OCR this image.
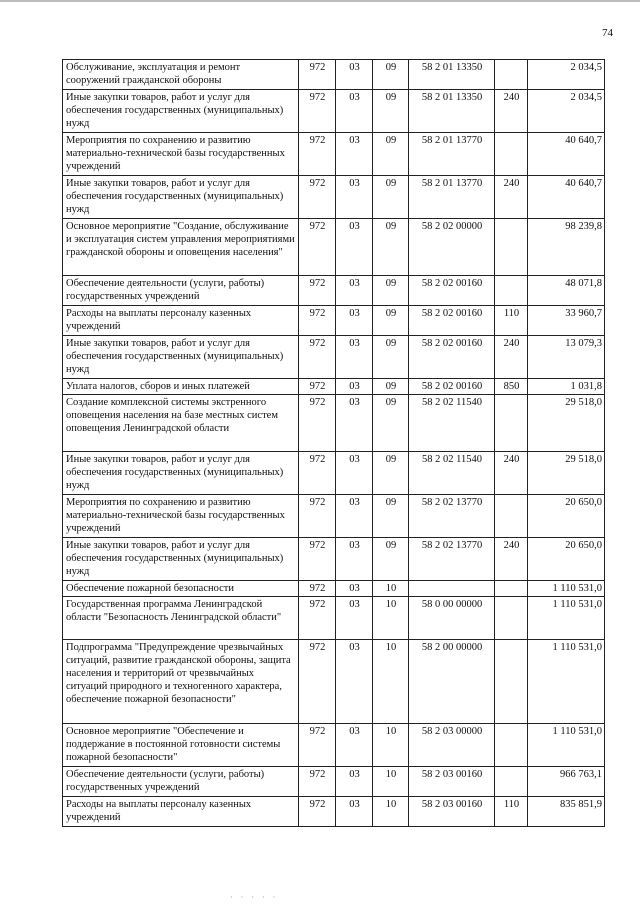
74
Обслуживание, эксплуатация и ремонт сооружений гражданской обороны	972	03	09	58 2 01 13350		2 034,5
Иные закупки товаров, работ и услуг для обеспечения государственных (муниципальных) нужд	972	03	09	58 2 01 13350	240	2 034,5
Мероприятия по сохранению и развитию материально-технической базы государственных учреждений	972	03	09	58 2 01 13770		40 640,7
Иные закупки товаров, работ и услуг для обеспечения государственных (муниципальных) нужд	972	03	09	58 2 01 13770	240	40 640,7
Основное мероприятие "Создание, обслуживание и эксплуатация систем управления мероприятиями гражданской обороны и оповещения населения"	972	03	09	58 2 02 00000		98 239,8
Обеспечение деятельности (услуги, работы) государственных учреждений	972	03	09	58 2 02 00160		48 071,8
Расходы на выплаты персоналу казенных учреждений	972	03	09	58 2 02 00160	110	33 960,7
Иные закупки товаров, работ и услуг для обеспечения государственных (муниципальных) нужд	972	03	09	58 2 02 00160	240	13 079,3
Уплата налогов, сборов и иных платежей	972	03	09	58 2 02 00160	850	1 031,8
Создание комплексной системы экстренного оповещения населения на базе местных систем оповещения Ленинградской области	972	03	09	58 2 02 11540		29 518,0
Иные закупки товаров, работ и услуг для обеспечения государственных (муниципальных) нужд	972	03	09	58 2 02 11540	240	29 518,0
Мероприятия по сохранению и развитию материально-технической базы государственных учреждений	972	03	09	58 2 02 13770		20 650,0
Иные закупки товаров, работ и услуг для обеспечения государственных (муниципальных) нужд	972	03	09	58 2 02 13770	240	20 650,0
Обеспечение пожарной безопасности	972	03	10			1 110 531,0
Государственная программа Ленинградской области "Безопасность Ленинградской области"	972	03	10	58 0 00 00000		1 110 531,0
Подпрограмма "Предупреждение чрезвычайных ситуаций, развитие гражданской обороны, защита населения и территорий от чрезвычайных ситуаций природного и техногенного характера, обеспечение пожарной безопасности"	972	03	10	58 2 00 00000		1 110 531,0
Основное мероприятие "Обеспечение и поддержание в постоянной готовности системы пожарной безопасности"	972	03	10	58 2 03 00000		1 110 531,0
Обеспечение деятельности (услуги, работы) государственных учреждений	972	03	10	58 2 03 00160		966 763,1
Расходы на выплаты персоналу казенных учреждений	972	03	10	58 2 03 00160	110	835 851,9
· · · · ·
